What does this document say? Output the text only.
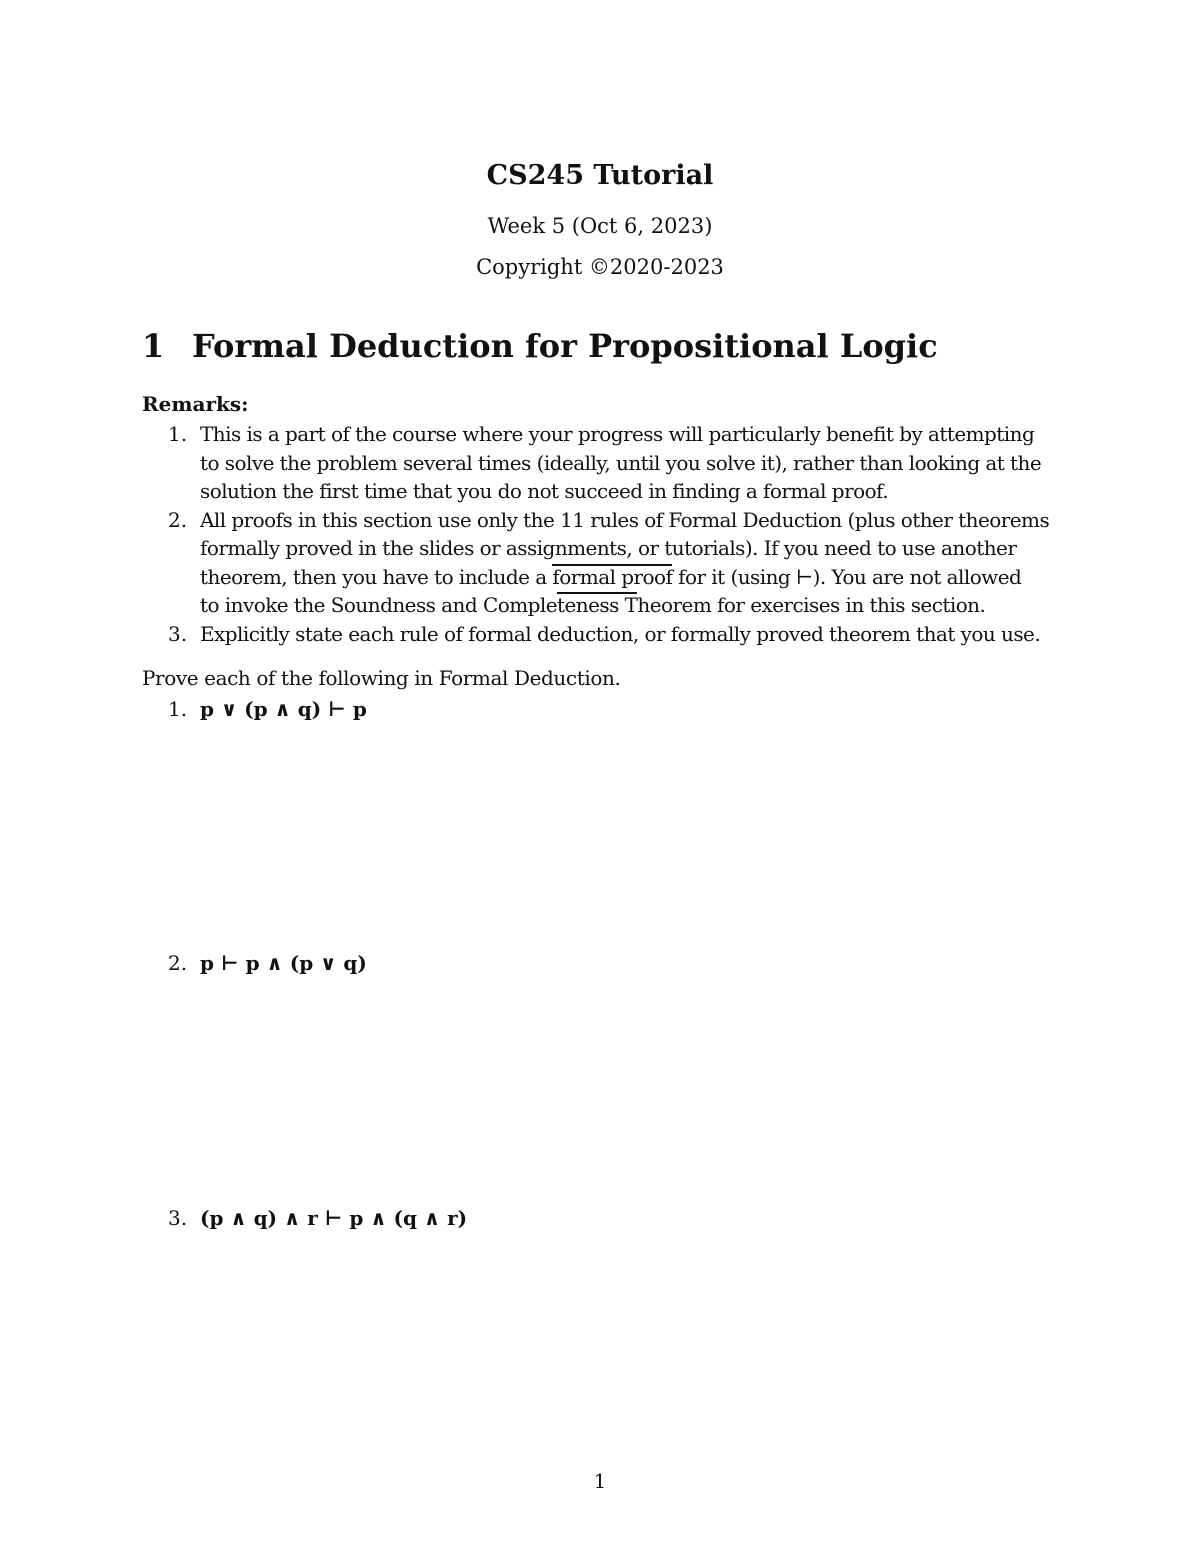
CS245 Tutorial
Week 5 (Oct 6, 2023)
Copyright ©2020-2023
1 Formal Deduction for Propositional Logic
Remarks:
1. This is a part of the course where your progress will particularly benefit by attempting
to solve the problem several times (ideally, until you solve it), rather than looking at the
solution the first time that you do not succeed in finding a formal proof.
2. All proofs in this section use only the 11 rules of Formal Deduction (plus other theorems
formally proved in the slides or assignments, or tutorials). If you need to use another
theorem, then you have to include a
formal proof for it (using ⊢). You are not allowed
to invoke the Soundness and Comple
teness Theorem for exercises in this section.
3. Explicitly state each rule of formal deduction, or formally proved theorem that you use.
Prove each of the following in Formal Deduction.
1. p ∨ (p ∧ q) ⊢ p
2. p ⊢ p ∧ (p ∨ q)
3. (p ∧ q) ∧ r ⊢ p ∧ (q ∧ r)
1
